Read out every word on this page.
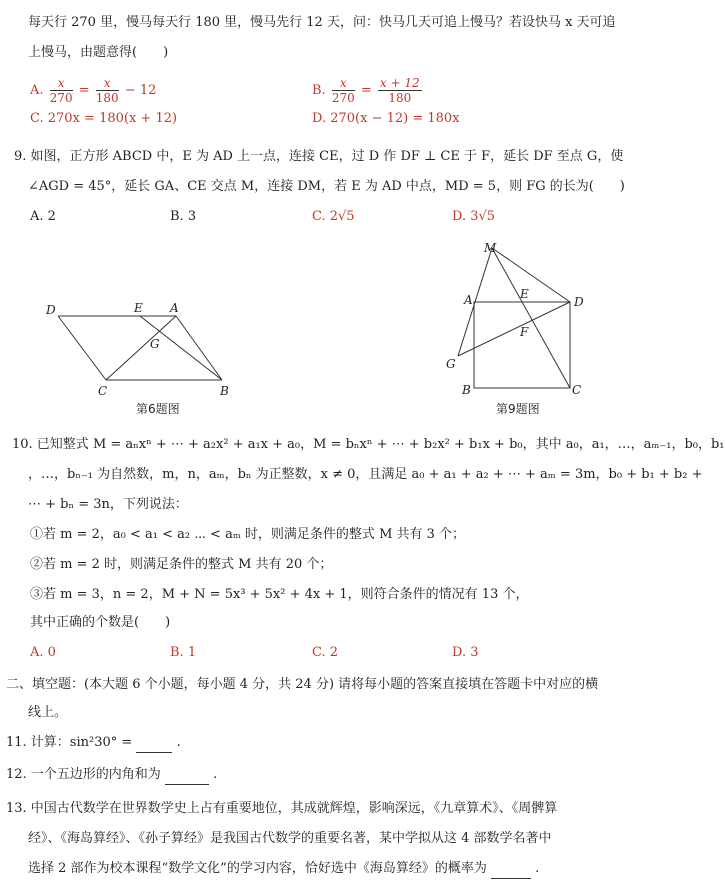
每天行 270 里，慢马每天行 180 里，慢马先行 12 天，问：快马几天可追上慢马？若设快马 x 天可追
上慢马，由题意得(　　)
A. $\frac{x}{270} = \frac{x}{180} - 12$	B. $\frac{x}{270} = \frac{x + 12}{180}$
C. 270x = 180(x + 12)	D. 270(x − 12) = 180x
9. 如图，正方形 ABCD 中，E 为 AD 上一点，连接 CE，过 D 作 DF ⊥ CE 于 F，延长 DF 至点 G，使
∠AGD = 45°，延长 GA、CE 交点 M，连接 DM，若 E 为 AD 中点，MD = 5，则 FG 的长为(　　)
A. 2	B. 3	C. 2√5	D. 3√5
D	E A
G
C	B
第6题图
M
A	E
D
F
G
B	C
第9题图
10. 已知整式 M = aₙxⁿ + ⋯ + a₂x² + a₁x + a₀，M = bₙxⁿ + ⋯ + b₂x² + b₁x + b₀，其中 a₀，a₁，…，aₘ₋₁，b₀，b₁
，…，bₙ₋₁ 为自然数，m，n，aₘ，bₙ 为正整数，x ≠ 0，且满足 a₀ + a₁ + a₂ + ⋯ + aₘ = 3m，b₀ + b₁ + b₂ +
⋯ + bₙ = 3n，下列说法：
①若 m = 2，a₀ < a₁ < a₂ ⋯ < aₘ 时，则满足条件的整式 M 共有 3 个；
②若 m = 2 时，则满足条件的整式 M 共有 20 个；
③若 m = 3，n = 2，M + N = 5x³ + 5x² + 4x + 1，则符合条件的情况有 13 个，
其中正确的个数是(　　)
A. 0	B. 1	C. 2	D. 3
二、填空题：(本大题 6 个小题，每小题 4 分，共 24 分) 请将每小题的答案直接填在答题卡中对应的横
线上。
11. 计算：sin²30° =	.
12. 一个五边形的内角和为	.
13. 中国古代数学在世界数学史上占有重要地位，其成就辉煌，影响深远，《九章算术》、《周髀算
经》、《海岛算经》、《孙子算经》是我国古代数学的重要名著，某中学拟从这 4 部数学名著中
选择 2 部作为校本课程“数学文化”的学习内容，恰好选中《海岛算经》的概率为	.
